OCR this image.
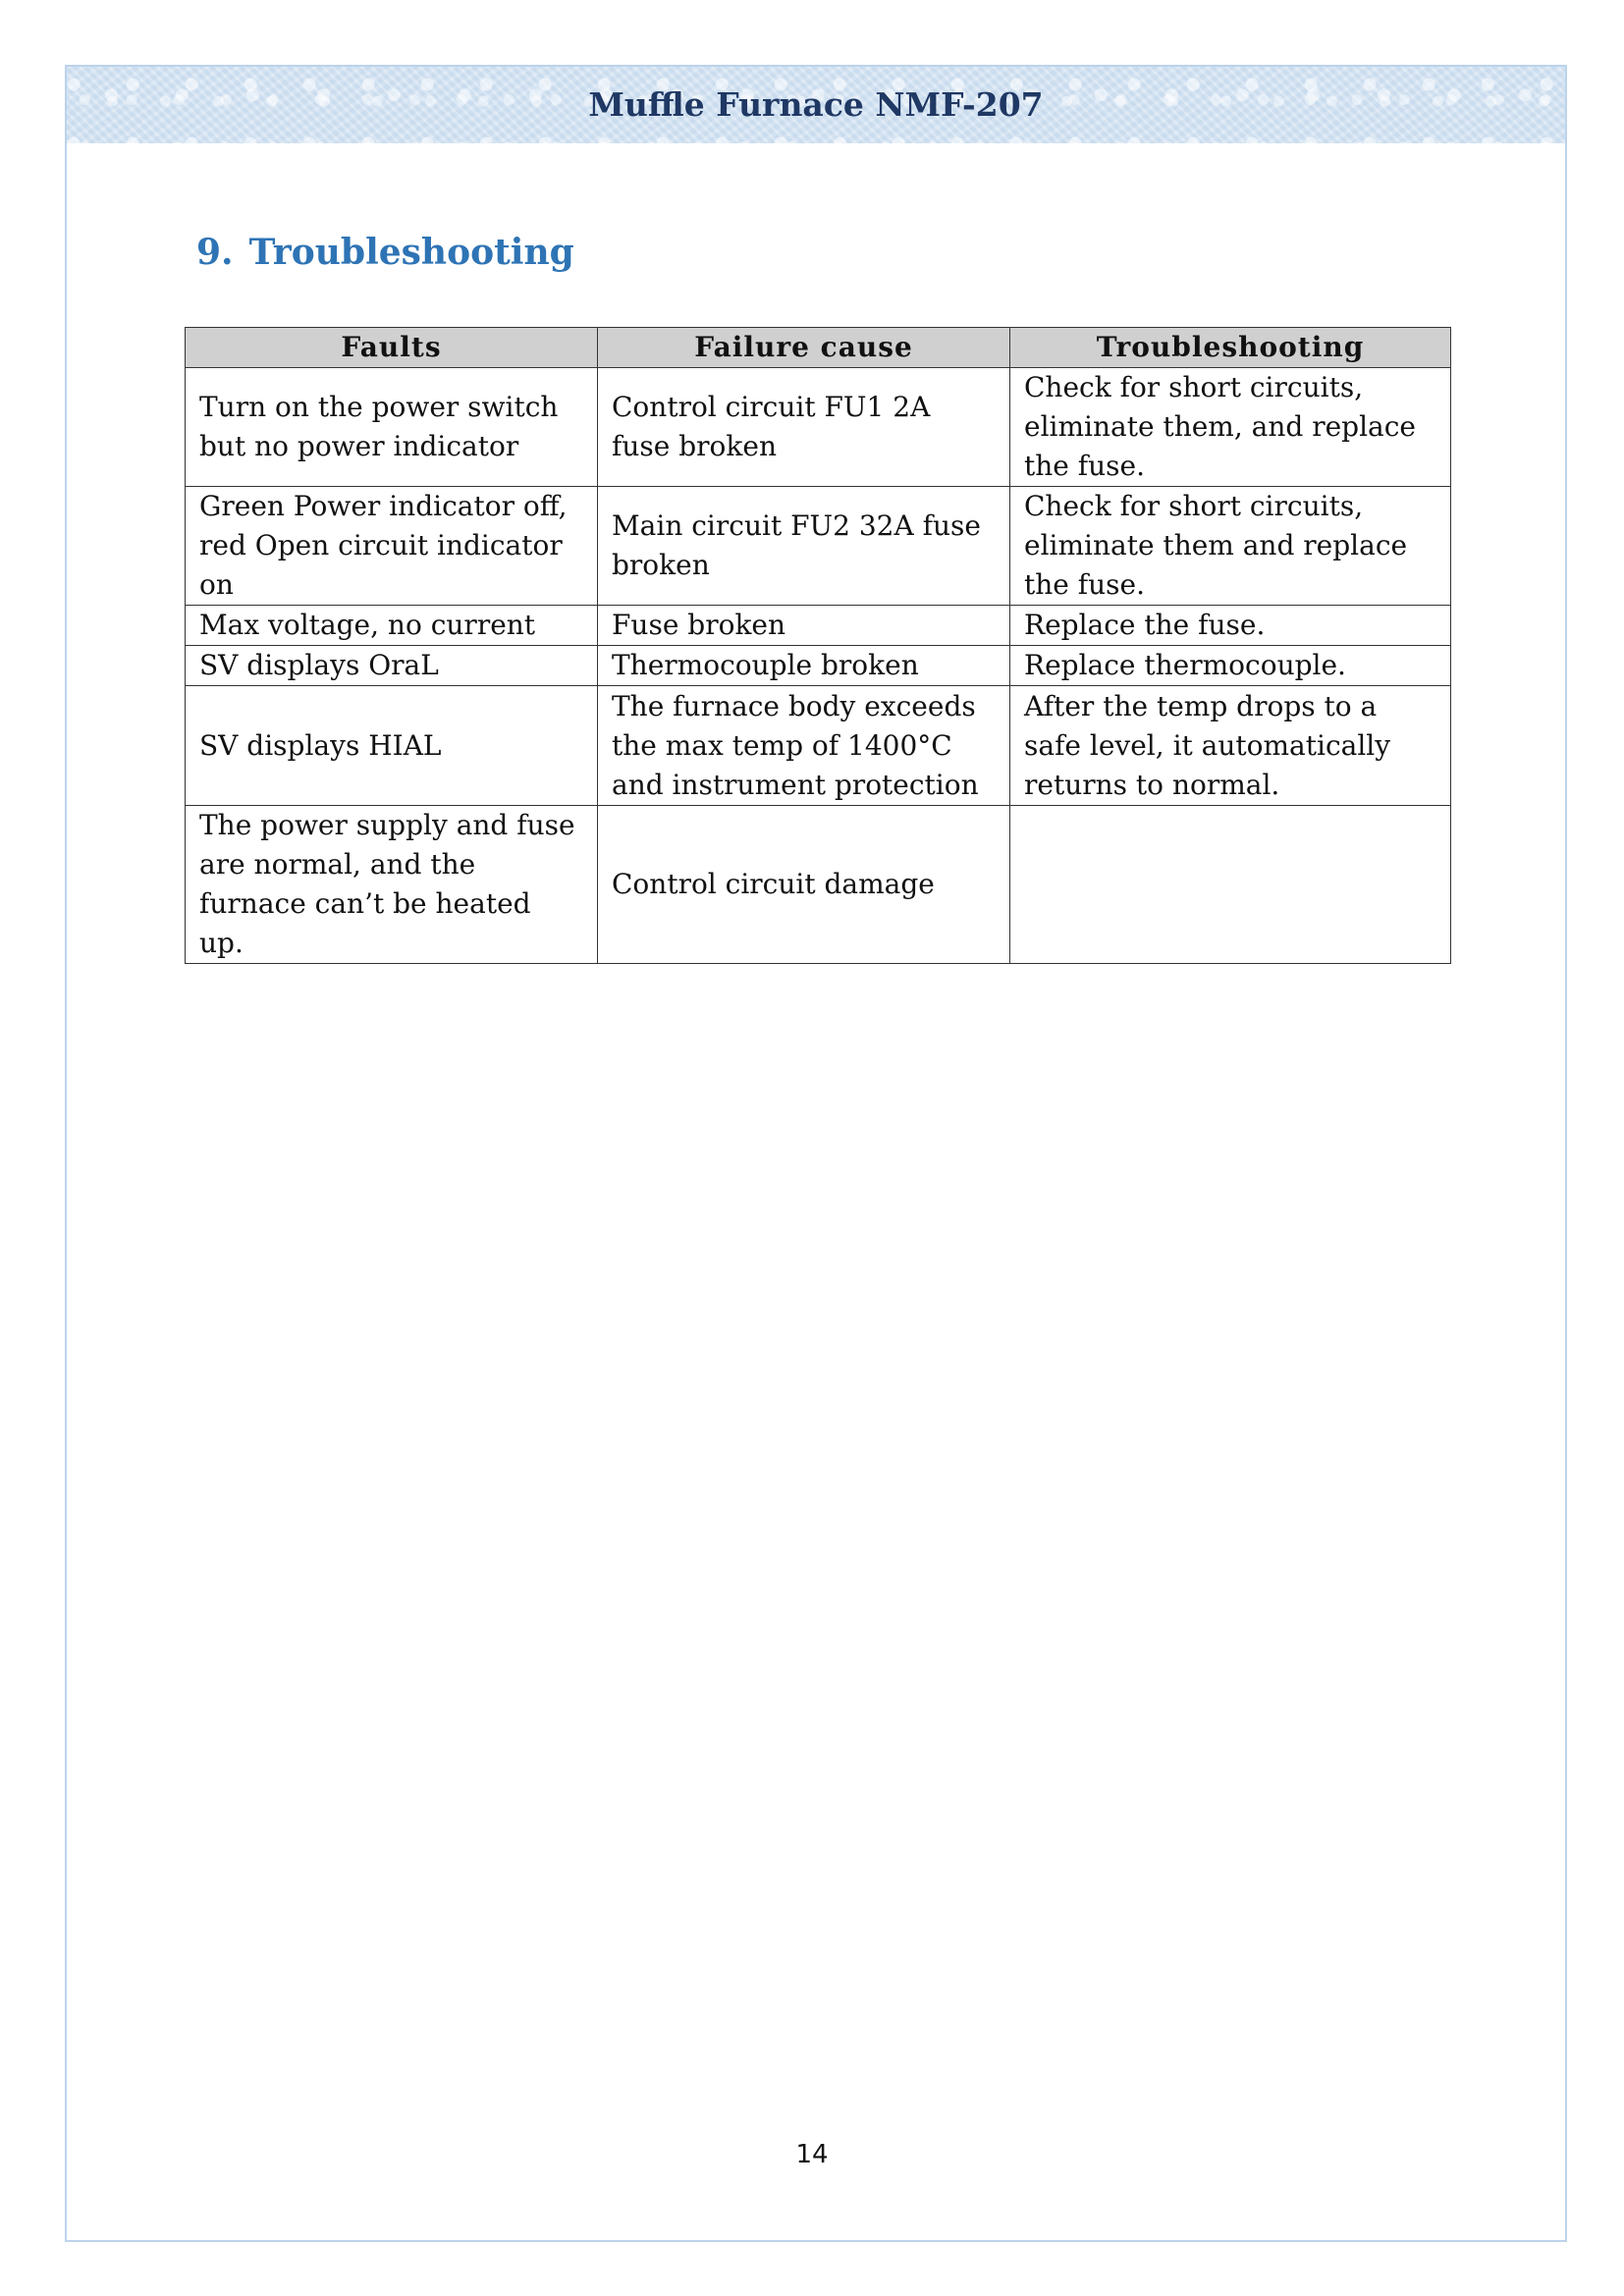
Muffle Furnace NMF-207
9. Troubleshooting
Faults	Failure cause	Troubleshooting
Turn on the power switch but no power indicator	Control circuit FU1 2A fuse broken	Check for short circuits, eliminate them, and replace the fuse.
Green Power indicator off, red Open circuit indicator on	Main circuit FU2 32A fuse broken	Check for short circuits, eliminate them and replace the fuse.
Max voltage, no current	Fuse broken	Replace the fuse.
SV displays OraL	Thermocouple broken	Replace thermocouple.
SV displays HIAL	The furnace body exceeds the max temp of 1400°C and instrument protection	After the temp drops to a safe level, it automatically returns to normal.
The power supply and fuse are normal, and the furnace can’t be heated up.	Control circuit damage	
14
